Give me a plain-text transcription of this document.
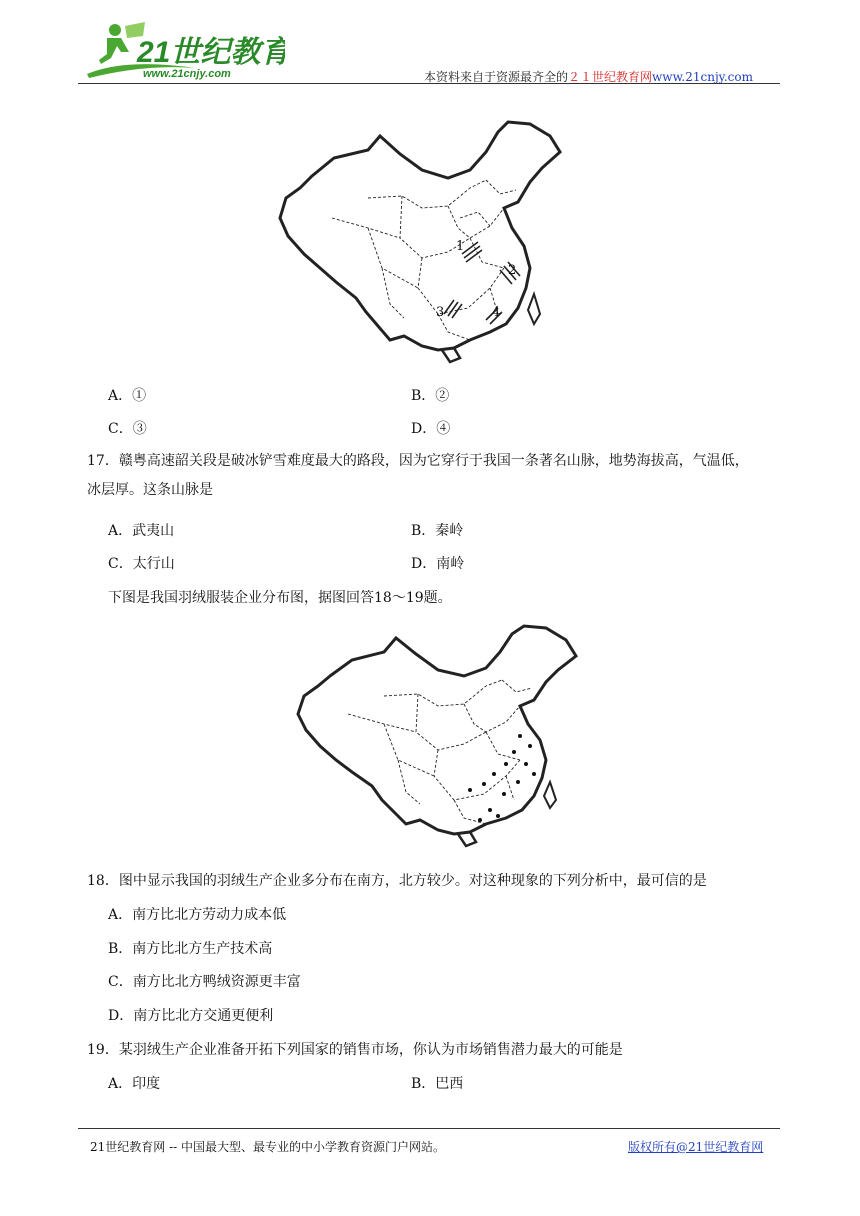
21世纪教育
www.21cnjy.com	本资料来自于资源最齐全的２１世纪教育网www.21cnjy.com
1
2
3	4
A．①	B．②
C．③	D．④
17．赣粤高速韶关段是破冰铲雪难度最大的路段，因为它穿行于我国一条著名山脉，地势海拔高，气温低，
冰层厚。这条山脉是
A．武夷山	B．秦岭
C．太行山	D．南岭
下图是我国羽绒服装企业分布图，据图回答18～19题。
18．图中显示我国的羽绒生产企业多分布在南方，北方较少。对这种现象的下列分析中，最可信的是
A．南方比北方劳动力成本低
B．南方比北方生产技术高
C．南方比北方鸭绒资源更丰富
D．南方比北方交通更便利
19．某羽绒生产企业准备开拓下列国家的销售市场，你认为市场销售潜力最大的可能是
A．印度	B．巴西
21世纪教育网 -- 中国最大型、最专业的中小学教育资源门户网站。	版权所有@21世纪教育网
